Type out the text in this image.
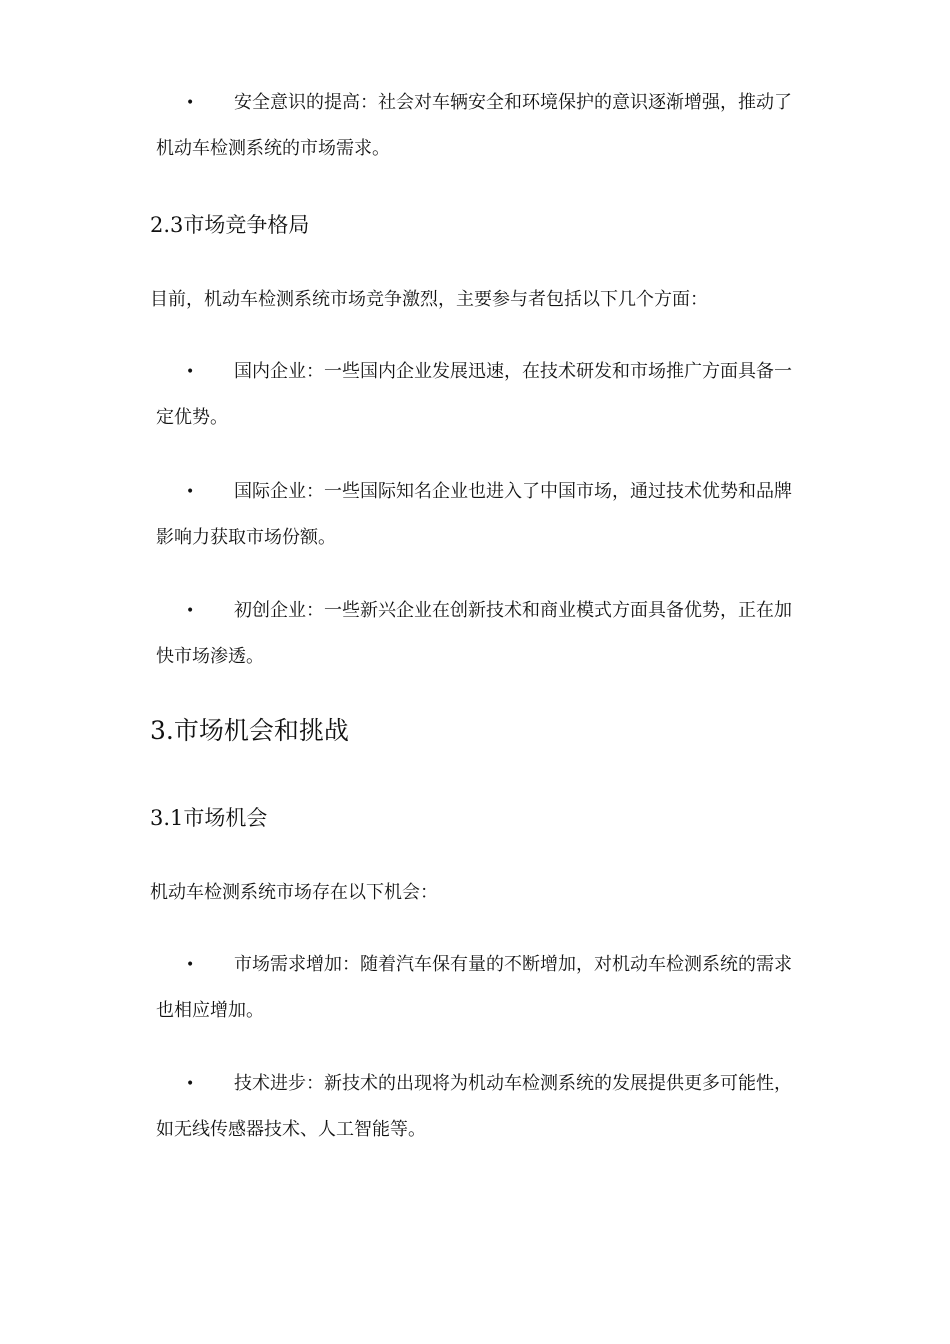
•	安全意识的提高：社会对车辆安全和环境保护的意识逐渐增强，推动了
机动车检测系统的市场需求。
2.3市场竞争格局
目前，机动车检测系统市场竞争激烈，主要参与者包括以下几个方面：
•	国内企业：一些国内企业发展迅速，在技术研发和市场推广方面具备一
定优势。
•	国际企业：一些国际知名企业也进入了中国市场，通过技术优势和品牌
影响力获取市场份额。
•	初创企业：一些新兴企业在创新技术和商业模式方面具备优势，正在加
快市场渗透。
3.市场机会和挑战
3.1市场机会
机动车检测系统市场存在以下机会：
•	市场需求增加：随着汽车保有量的不断增加，对机动车检测系统的需求
也相应增加。
•	技术进步：新技术的出现将为机动车检测系统的发展提供更多可能性，
如无线传感器技术、人工智能等。
